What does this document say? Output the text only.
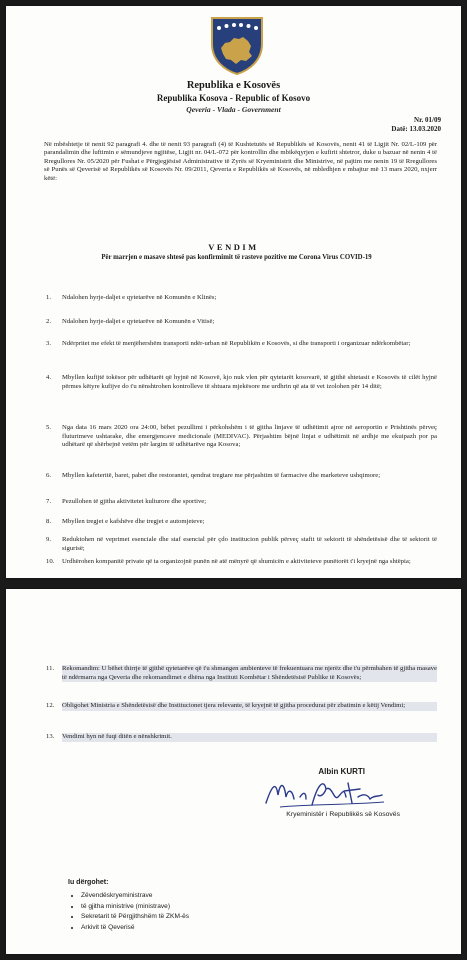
Republika e Kosovës
Republika Kosova - Republic of Kosovo
Qeveria - Vlada - Government
Nr. 01/09
Datë: 13.03.2020
Në mbështetje të nenit 92 paragrafi 4. dhe të nenit 93 paragrafi (4) të Kushtetutës së Republikës së Kosovës, nenit 41 të Ligjit Nr. 02/L-109 për parandalimin dhe luftimin e sëmundjeve ngjitëse, Ligjit nr. 04/L-072 për kontrollin dhe mbikëqyrjen e kufirit shtetror, duke u bazuar në nenin 4 të Rregullores Nr. 05/2020 për Fushat e Përgjegjësisë Administrative të Zyrës së Kryeministrit dhe Ministrive, në pajtim me nenin 19 të Rregullores së Punës së Qeverisë së Republikës së Kosovës Nr. 09/2011, Qeveria e Republikës së Kosovës, në mbledhjen e mbajtur më 13 mars 2020, nxjerr këtë:
VENDIM
Për marrjen e masave shtesë pas konfirmimit të rasteve pozitive me Corona Virus COVID-19
1.	Ndalohen hyrje-daljet e qytetarëve në Komunën e Klinës;
2.	Ndalohen hyrje-daljet e qytetarëve në Komunën e Vitisë;
3.	Ndërpritet me efekt të menjëhershëm transporti ndër-urban në Republikën e Kosovës, si dhe transporti i organizuar ndërkombëtar;
4.	Mbyllen kufijtë tokësor për udhëtarët që hyjnë në Kosovë, kjo nuk vlen për qytetarët kosovarë, të gjithë shtetasit e Kosovës të cilët hyjnë përmes këtyre kufijve do t'u nënshtrohen kontrolleve të shtuara mjekësore me urdhrin që ata të vet izolohen për 14 ditë;
5.	Nga data 16 mars 2020 ora 24:00, bëhet pezullimi i përkohshëm i të gjitha linjave të udhëtimit ajror në aeroportin e Prishtinës përveç fluturimeve ushtarake, dhe emergjencave medicionale (MEDIVAC). Përjashtim bëjnë linjat e udhëtimit në ardhje me ekuipazh por pa udhëtarë që shërbejnë vetëm për largim të udhëtarëve nga Kosova;
6.	Mbyllen kafeteritë, baret, pabet dhe restorantet, qendrat tregtare me përjashtim të farmacive dhe marketeve ushqimore;
7.	Pezullohen të gjitha aktivitetet kulturore dhe sportive;
8.	Mbyllen tregjet e kafshëve dhe tregjet e automjeteve;
9.	Reduktohen në veprimet esenciale dhe staf esencial për çdo institucion publik përveç stafit të sektorit të shëndetësisë dhe të sektorit të sigurisë;
10.	Urdhërohen kompanitë private që ta organizojnë punën në atë mënyrë që shumicën e aktiviteteve punëtorët t'i kryejnë nga shtëpia;
11.	Rekomandim: U bëhet thirrje të gjithë qytetarëve që t'u shmangen ambienteve të frekuentuara me njerëz dhe t'u përmbahen të gjitha masave të ndërmarra nga Qeveria dhe rekomandimet e dhëna nga Instituti Kombëtar i Shëndetësisë Publike të Kosovës;
12.	Obligohet Ministria e Shëndetësisë dhe Institucionet tjera relevante, të kryejnë të gjitha procedurat për zbatimin e këtij Vendimi;
13.	Vendimi hyn në fuqi ditën e nënshkrimit.
Albin KURTI
Kryeministër i Republikës së Kosovës
Iu dërgohet:
• Zëvendëskryeministrave
• të gjitha ministrive (ministrave)
• Sekretarit të Përgjithshëm të ZKM-ës
• Arkivit të Qeverisë
